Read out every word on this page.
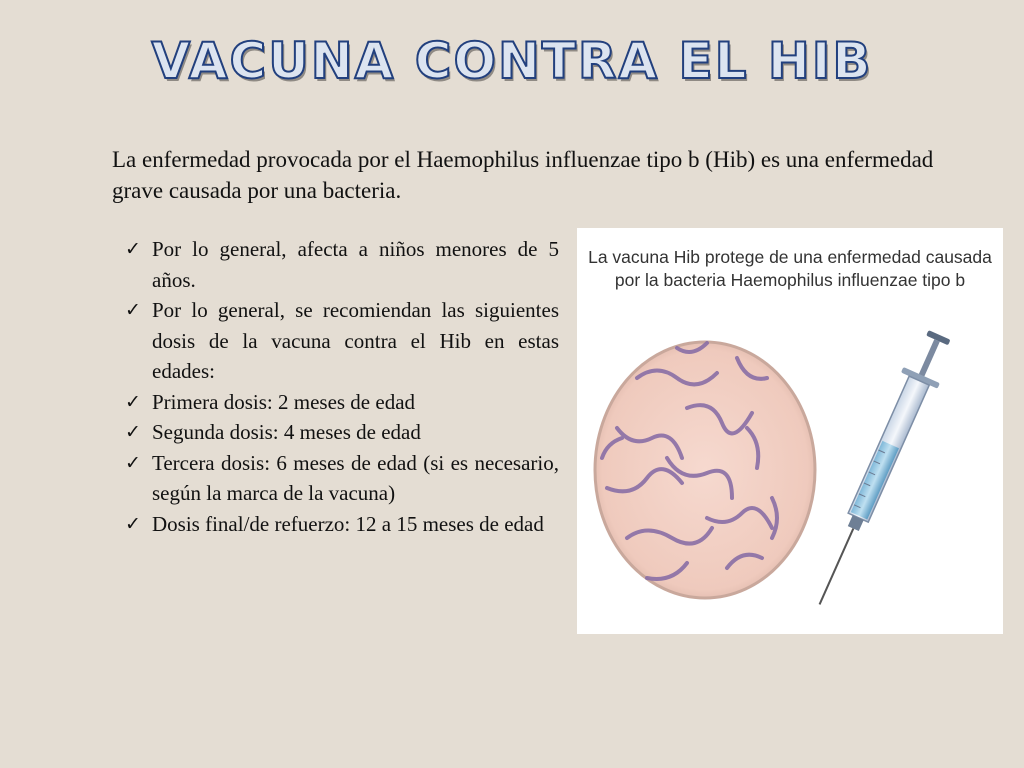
VACUNA CONTRA EL HIB

La enfermedad provocada por el Haemophilus influenzae tipo b (Hib) es una enfermedad grave causada por una bacteria.

✓ Por lo general, afecta a niños menores de 5 años.
✓ Por lo general, se recomiendan las siguientes dosis de la vacuna contra el Hib en estas edades:
✓ Primera dosis: 2 meses de edad
✓ Segunda dosis: 4 meses de edad
✓ Tercera dosis: 6 meses de edad (si es necesario, según la marca de la vacuna)
✓ Dosis final/de refuerzo: 12 a 15 meses de edad

La vacuna Hib protege de una enfermedad causada
por la bacteria Haemophilus influenzae tipo b
